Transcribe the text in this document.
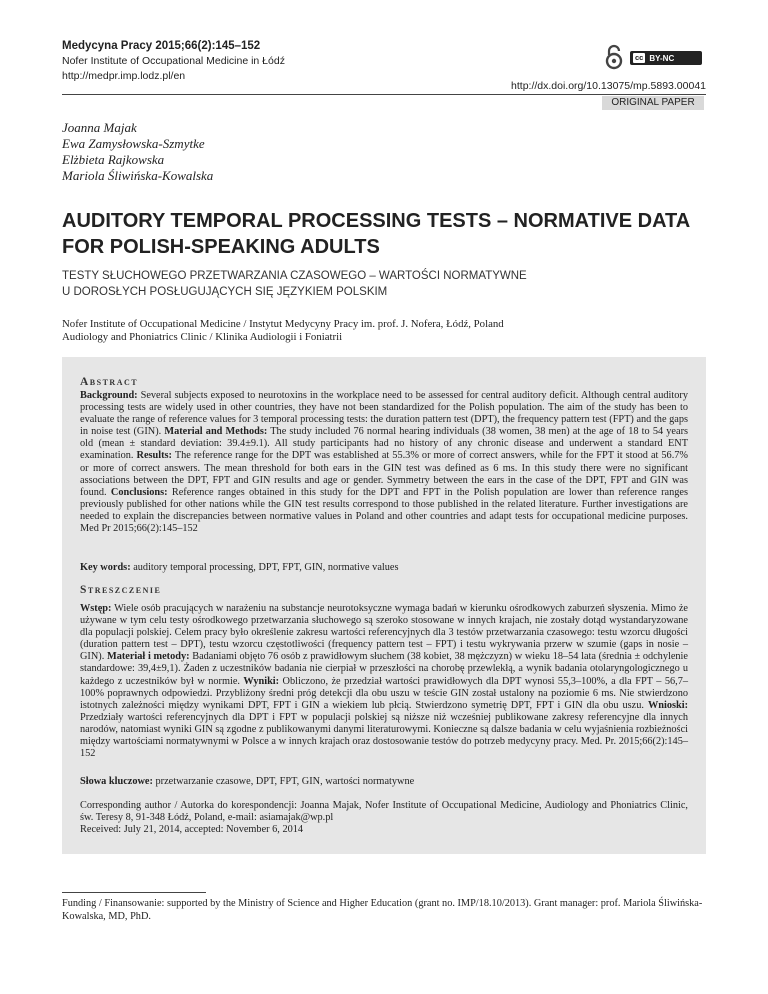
Medycyna Pracy 2015;66(2):145–152
Nofer Institute of Occupational Medicine in Łódź
http://medpr.imp.lodz.pl/en
cc BY-NC
http://dx.doi.org/10.13075/mp.5893.00041
ORIGINAL PAPER
Joanna Majak
Ewa Zamysłowska-Szmytke
Elżbieta Rajkowska
Mariola Śliwińska-Kowalska
AUDITORY TEMPORAL PROCESSING TESTS – NORMATIVE DATA
FOR POLISH-SPEAKING ADULTS
TESTY SŁUCHOWEGO PRZETWARZANIA CZASOWEGO – WARTOŚCI NORMATYWNE
U DOROSŁYCH POSŁUGUJĄCYCH SIĘ JĘZYKIEM POLSKIM
Nofer Institute of Occupational Medicine / Instytut Medycyny Pracy im. prof. J. Nofera, Łódź, Poland
Audiology and Phoniatrics Clinic / Klinika Audiologii i Foniatrii
Abstract

Background: Several subjects exposed to neurotoxins in the workplace need to be assessed for central auditory deficit. Although central auditory processing tests are widely used in other countries, they have not been standardized for the Polish population. The aim of the study has been to evaluate the range of reference values for 3 temporal processing tests: the duration pattern test (DPT), the frequency pattern test (FPT) and the gaps in noise test (GIN). Material and Methods: The study included 76 normal hearing individuals (38 women, 38 men) at the age of 18 to 54 years old (mean ± standard deviation: 39.4±9.1). All study participants had no history of any chronic disease and underwent a standard ENT examination. Results: The reference range for the DPT was established at 55.3% or more of correct answers, while for the FPT it stood at 56.7% or more of correct answers. The mean threshold for both ears in the GIN test was defined as 6 ms. In this study there were no significant associations between the DPT, FPT and GIN results and age or gender. Symmetry between the ears in the case of the DPT, FPT and GIN was found. Conclusions: Reference ranges obtained in this study for the DPT and FPT in the Polish population are lower than reference ranges previously published for other nations while the GIN test results correspond to those published in the related literature. Further investigations are needed to explain the discrepancies between normative values in Poland and other countries and adapt tests for occupational medicine purposes. Med Pr 2015;66(2):145–152

Key words: auditory temporal processing, DPT, FPT, GIN, normative values

Streszczenie

Wstęp: Wiele osób pracujących w narażeniu na substancje neurotoksyczne wymaga badań w kierunku ośrodkowych zaburzeń słyszenia. Mimo że używane w tym celu testy ośrodkowego przetwarzania słuchowego są szeroko stosowane w innych krajach, nie zostały dotąd wystandaryzowane dla populacji polskiej. Celem pracy było określenie zakresu wartości referencyjnych dla 3 testów przetwarzania czasowego: testu wzorcu długości (duration pattern test – DPT), testu wzorcu częstotliwości (frequency pattern test – FPT) i testu wykrywania przerw w szumie (gaps in nosie – GIN). Materiał i metody: Badaniami objęto 76 osób z prawidłowym słuchem (38 kobiet, 38 mężczyzn) w wieku 18–54 lata (średnia ± odchylenie standardowe: 39,4±9,1). Żaden z uczestników badania nie cierpiał w przeszłości na chorobę przewlekłą, a wynik badania otolaryngologicznego u każdego z uczestników był w normie. Wyniki: Obliczono, że przedział wartości prawidłowych dla DPT wynosi 55,3–100%, a dla FPT – 56,7–100% poprawnych odpowiedzi. Przybliżony średni próg detekcji dla obu uszu w teście GIN został ustalony na poziomie 6 ms. Nie stwierdzono istotnych zależności między wynikami DPT, FPT i GIN a wiekiem lub płcią. Stwierdzono symetrię DPT, FPT i GIN dla obu uszu. Wnioski: Przedziały wartości referencyjnych dla DPT i FPT w populacji polskiej są niższe niż wcześniej publikowane zakresy referencyjne dla innych narodów, natomiast wyniki GIN są zgodne z publikowanymi danymi literaturowymi. Konieczne są dalsze badania w celu wyjaśnienia rozbieżności między wartościami normatywnymi w Polsce a w innych krajach oraz dostosowanie testów do potrzeb medycyny pracy. Med. Pr. 2015;66(2):145–152

Słowa kluczowe: przetwarzanie czasowe, DPT, FPT, GIN, wartości normatywne

Corresponding author / Autorka do korespondencji: Joanna Majak, Nofer Institute of Occupational Medicine, Audiology and Phoniatrics Clinic, św. Teresy 8, 91-348 Łódź, Poland, e-mail: asiamajak@wp.pl
Received: July 21, 2014, accepted: November 6, 2014
Funding / Finansowanie: supported by the Ministry of Science and Higher Education (grant no. IMP/18.10/2013). Grant manager: prof. Mariola Śliwińska-Kowalska, MD, PhD.
